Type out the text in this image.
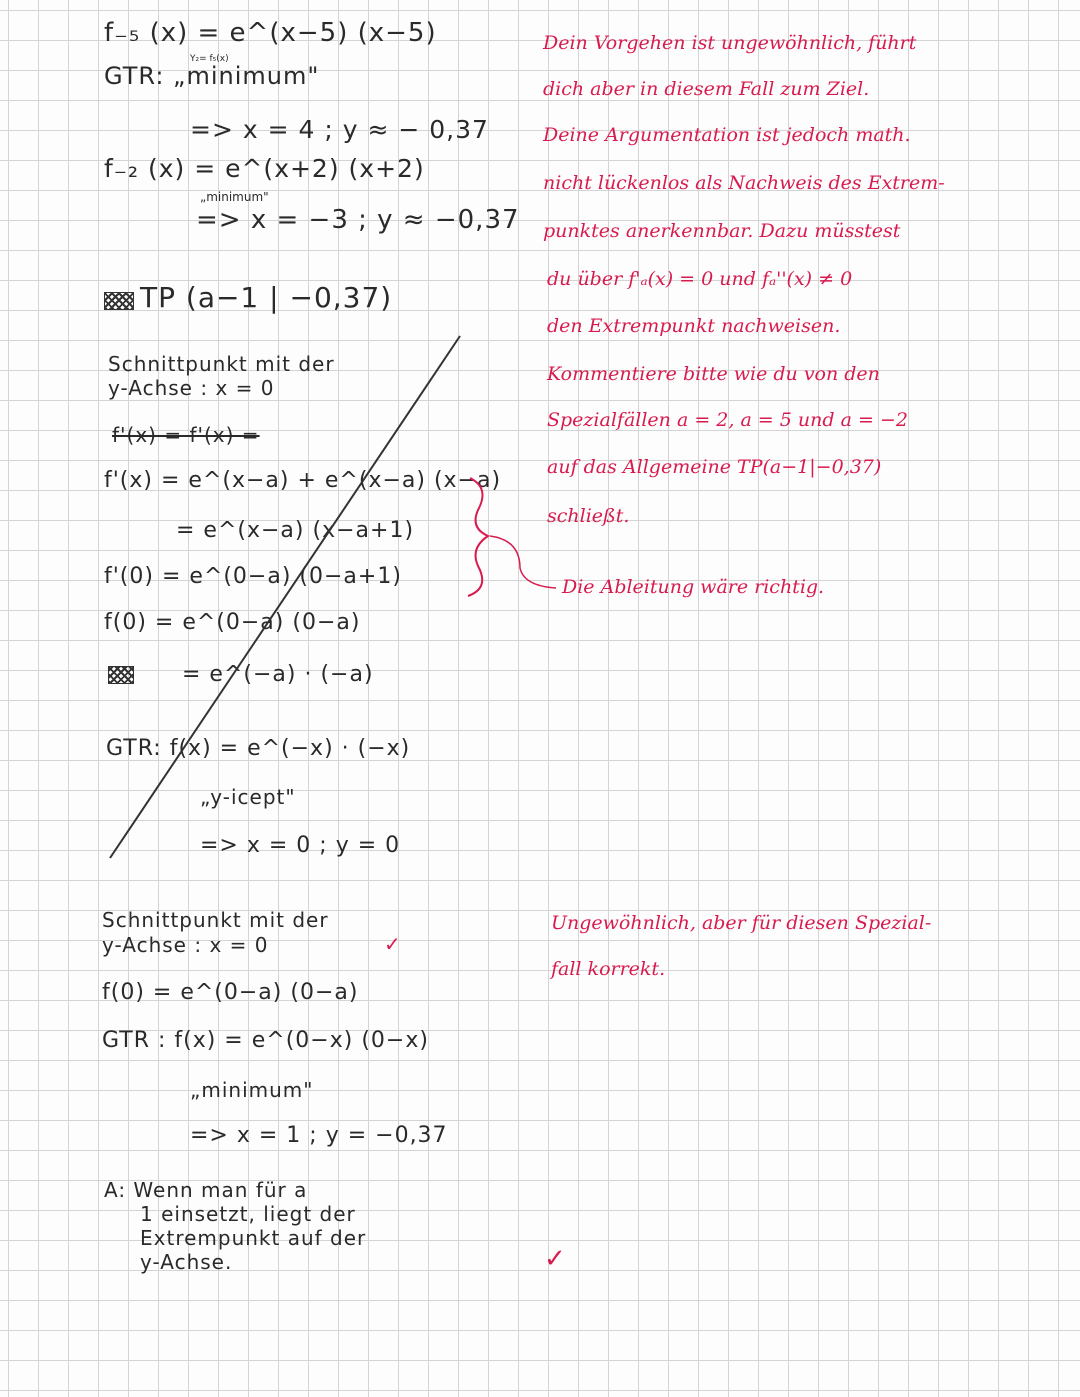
f₋₅ (x) = e^(x−5) (x−5)
Y₂= f₅(x)
GTR: „minimum"
=> x = 4 ; y ≈ − 0,37
f₋₂ (x) = e^(x+2) (x+2)
„minimum"
=> x = −3 ; y ≈ −0,37
TP (a−1 | −0,37)
Schnittpunkt mit der
y-Achse : x = 0
f'(x) = f'(x) =
f'(x) = e^(x−a) + e^(x−a) (x−a)
= e^(x−a) (x−a+1)
f'(0) = e^(0−a) (0−a+1)
f(0) = e^(0−a) (0−a)
= e^(−a) · (−a)
GTR: f(x) = e^(−x) · (−x)
„y-icept"
=> x = 0 ; y = 0
Schnittpunkt mit der
y-Achse : x = 0	✓
f(0) = e^(0−a) (0−a)
GTR : f(x) = e^(0−x) (0−x)
„minimum"
=> x = 1 ; y = −0,37
A: Wenn man für a
1 einsetzt, liegt der
Extrempunkt auf der
y-Achse.
Dein Vorgehen ist ungewöhnlich, führt
dich aber in diesem Fall zum Ziel.
Deine Argumentation ist jedoch math.
nicht lückenlos als Nachweis des Extrem-
punktes anerkennbar. Dazu müsstest
du über f'ₐ(x) = 0 und fₐ''(x) ≠ 0
den Extrempunkt nachweisen.
Kommentiere bitte wie du von den
Spezialfällen a = 2, a = 5 und a = −2
auf das Allgemeine TP(a−1|−0,37)
schließt.
Die Ableitung wäre richtig.
Ungewöhnlich, aber für diesen Spezial-
fall korrekt.
✓
